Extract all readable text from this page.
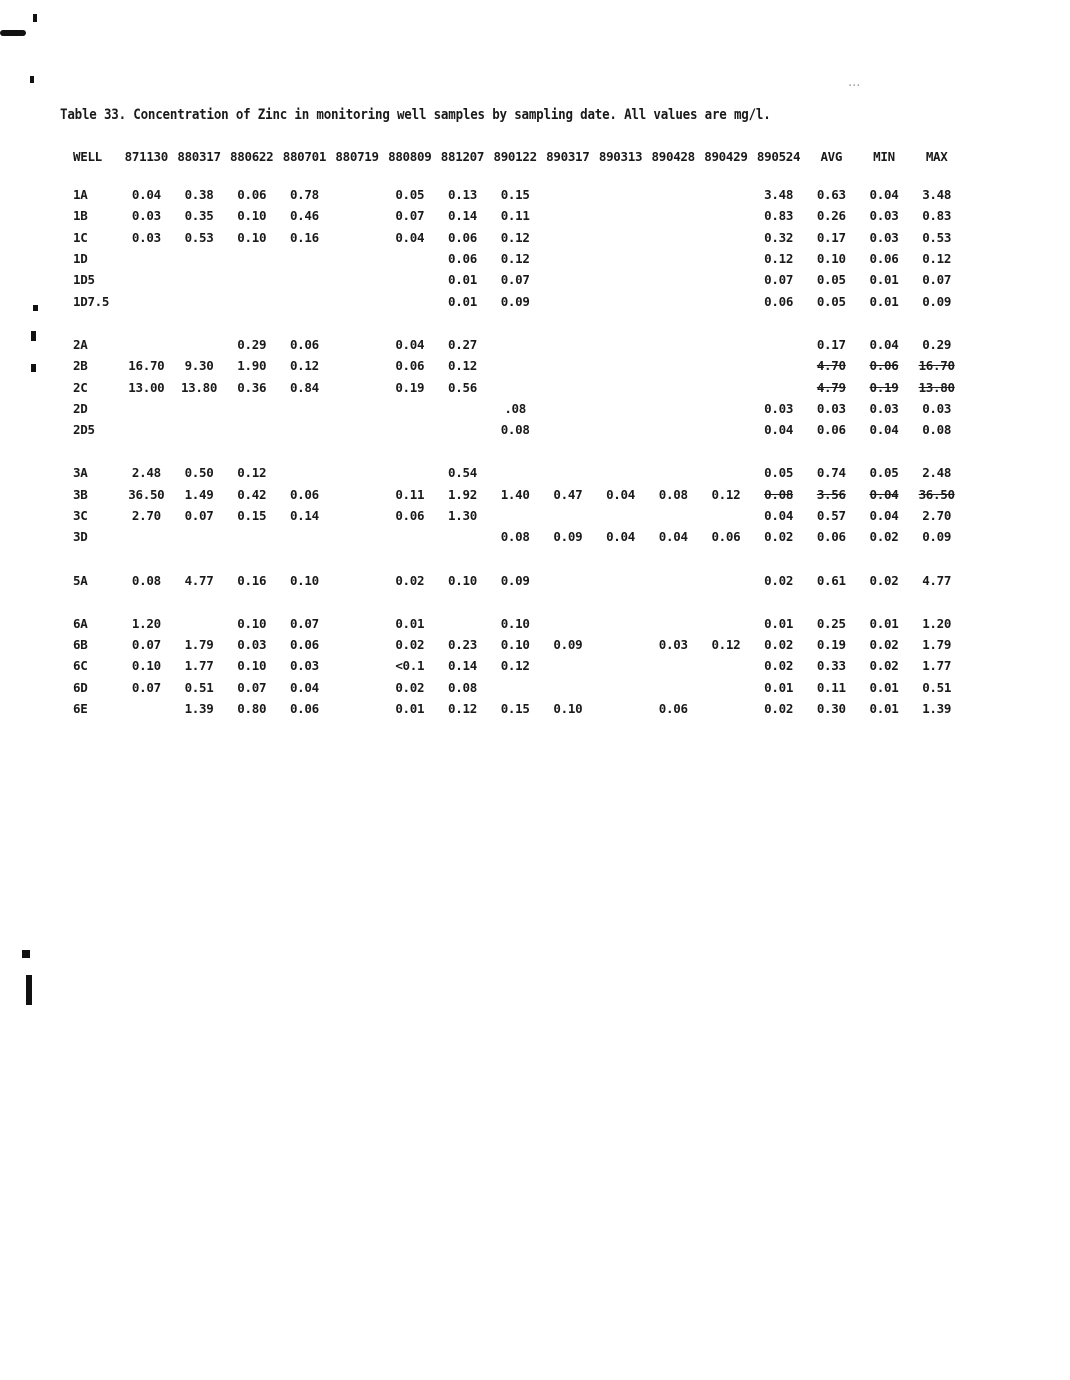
Table 33. Concentration of Zinc in monitoring well samples by sampling date. All values are mg/l.
...
WELL	871130	880317	880622	880701	880719	880809	881207	890122	890317	890313	890428	890429	890524	AVG	MIN	MAX
1A	0.04	0.38	0.06	0.78		0.05	0.13	0.15					3.48	0.63	0.04	3.48
1B	0.03	0.35	0.10	0.46		0.07	0.14	0.11					0.83	0.26	0.03	0.83
1C	0.03	0.53	0.10	0.16		0.04	0.06	0.12					0.32	0.17	0.03	0.53
1D							0.06	0.12					0.12	0.10	0.06	0.12
1D5							0.01	0.07					0.07	0.05	0.01	0.07
1D7.5							0.01	0.09					0.06	0.05	0.01	0.09

2A			0.29	0.06		0.04	0.27							0.17	0.04	0.29
2B	16.70	9.30	1.90	0.12		0.06	0.12							4.70	0.06	16.70
2C	13.00	13.80	0.36	0.84		0.19	0.56							4.79	0.19	13.80
2D								.08					0.03	0.03	0.03	0.03
2D5								0.08					0.04	0.06	0.04	0.08

3A	2.48	0.50	0.12				0.54						0.05	0.74	0.05	2.48
3B	36.50	1.49	0.42	0.06		0.11	1.92	1.40	0.47	0.04	0.08	0.12	0.08	3.56	0.04	36.50
3C	2.70	0.07	0.15	0.14		0.06	1.30						0.04	0.57	0.04	2.70
3D								0.08	0.09	0.04	0.04	0.06	0.02	0.06	0.02	0.09

5A	0.08	4.77	0.16	0.10		0.02	0.10	0.09					0.02	0.61	0.02	4.77

6A	1.20		0.10	0.07		0.01		0.10					0.01	0.25	0.01	1.20
6B	0.07	1.79	0.03	0.06		0.02	0.23	0.10	0.09		0.03	0.12	0.02	0.19	0.02	1.79
6C	0.10	1.77	0.10	0.03		<0.1	0.14	0.12					0.02	0.33	0.02	1.77
6D	0.07	0.51	0.07	0.04		0.02	0.08						0.01	0.11	0.01	0.51
6E		1.39	0.80	0.06		0.01	0.12	0.15	0.10		0.06		0.02	0.30	0.01	1.39
